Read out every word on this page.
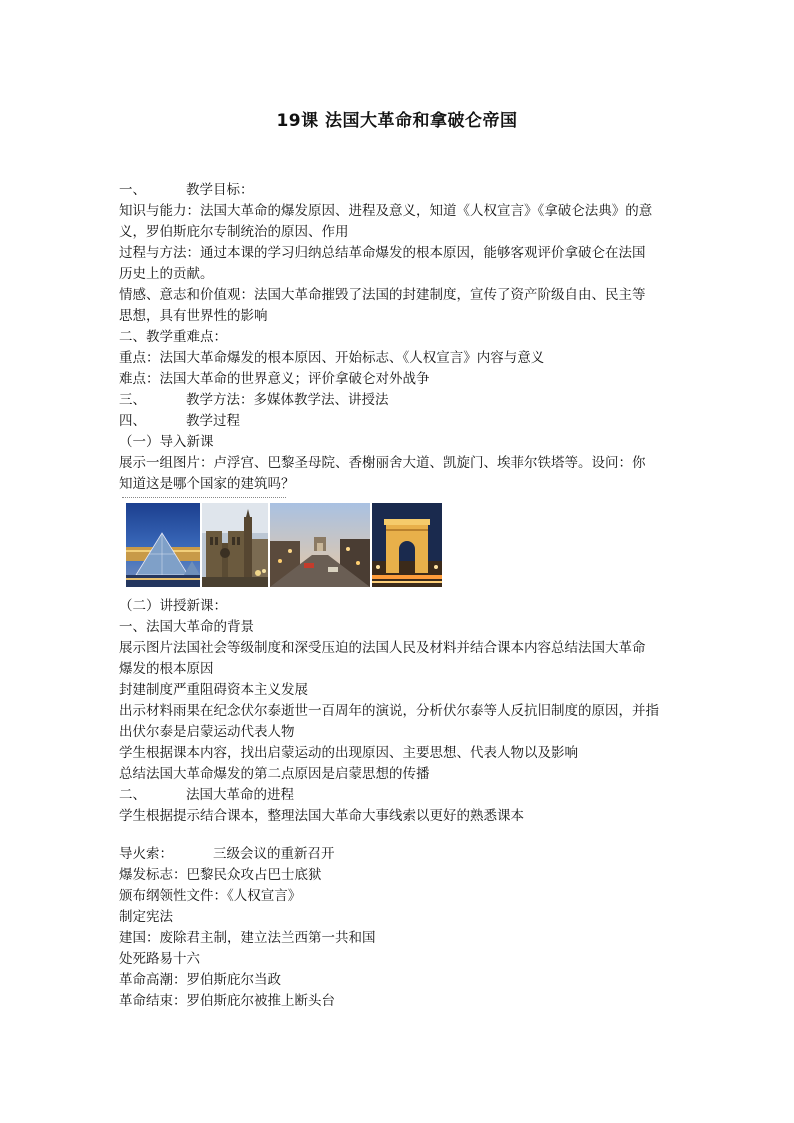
19课 法国大革命和拿破仑帝国
一、	教学目标：
知识与能力：法国大革命的爆发原因、进程及意义，知道《人权宣言》《拿破仑法典》的意
义，罗伯斯庇尔专制统治的原因、作用
过程与方法：通过本课的学习归纳总结革命爆发的根本原因，能够客观评价拿破仑在法国
历史上的贡献。
情感、意志和价值观：法国大革命摧毁了法国的封建制度，宣传了资产阶级自由、民主等
思想，具有世界性的影响
二、教学重难点：
重点：法国大革命爆发的根本原因、开始标志、《人权宣言》内容与意义
难点：法国大革命的世界意义；评价拿破仑对外战争
三、	教学方法：多媒体教学法、讲授法
四、	教学过程
（一）导入新课
展示一组图片：卢浮宫、巴黎圣母院、香榭丽舍大道、凯旋门、埃菲尔铁塔等。设问：你
知道这是哪个国家的建筑吗？
（二）讲授新课：
一、法国大革命的背景
展示图片法国社会等级制度和深受压迫的法国人民及材料并结合课本内容总结法国大革命
爆发的根本原因
封建制度严重阻碍资本主义发展
出示材料雨果在纪念伏尔泰逝世一百周年的演说，分析伏尔泰等人反抗旧制度的原因，并指
出伏尔泰是启蒙运动代表人物
学生根据课本内容，找出启蒙运动的出现原因、主要思想、代表人物以及影响
总结法国大革命爆发的第二点原因是启蒙思想的传播
二、	法国大革命的进程
学生根据提示结合课本，整理法国大革命大事线索以更好的熟悉课本
导火索：	三级会议的重新召开
爆发标志：巴黎民众攻占巴士底狱
颁布纲领性文件：《人权宣言》
制定宪法
建国：废除君主制，建立法兰西第一共和国
处死路易十六
革命高潮：罗伯斯庇尔当政
革命结束：罗伯斯庇尔被推上断头台
